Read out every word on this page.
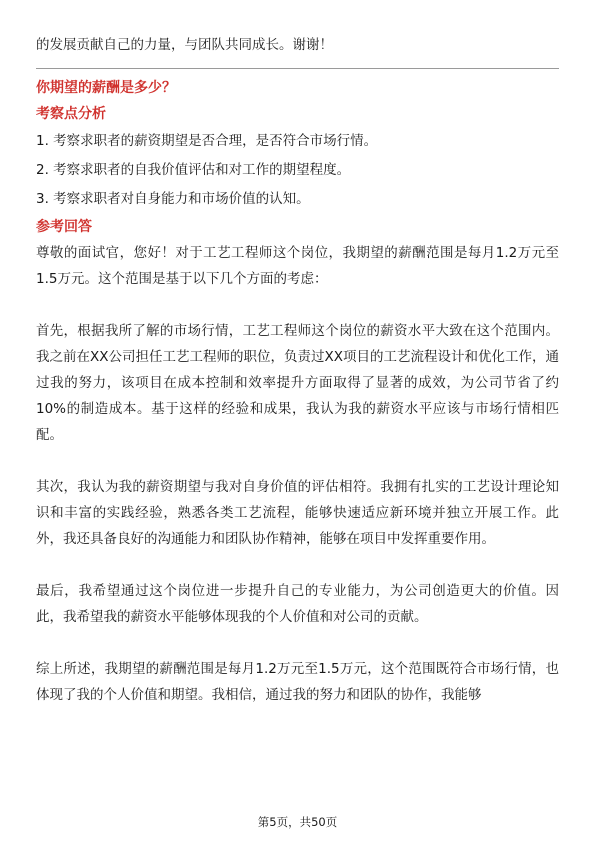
的发展贡献自己的力量，与团队共同成长。谢谢！

你期望的薪酬是多少？

考察点分析

1. 考察求职者的薪资期望是否合理，是否符合市场行情。
2. 考察求职者的自我价值评估和对工作的期望程度。
3. 考察求职者对自身能力和市场价值的认知。

参考回答

尊敬的面试官，您好！对于工艺工程师这个岗位，我期望的薪酬范围是每月1.2万元至1.5万元。这个范围是基于以下几个方面的考虑：

首先，根据我所了解的市场行情，工艺工程师这个岗位的薪资水平大致在这个范围内。我之前在XX公司担任工艺工程师的职位，负责过XX项目的工艺流程设计和优化工作，通过我的努力，该项目在成本控制和效率提升方面取得了显著的成效，为公司节省了约10%的制造成本。基于这样的经验和成果，我认为我的薪资水平应该与市场行情相匹配。

其次，我认为我的薪资期望与我对自身价值的评估相符。我拥有扎实的工艺设计理论知识和丰富的实践经验，熟悉各类工艺流程，能够快速适应新环境并独立开展工作。此外，我还具备良好的沟通能力和团队协作精神，能够在项目中发挥重要作用。

最后，我希望通过这个岗位进一步提升自己的专业能力，为公司创造更大的价值。因此，我希望我的薪资水平能够体现我的个人价值和对公司的贡献。

综上所述，我期望的薪酬范围是每月1.2万元至1.5万元，这个范围既符合市场行情，也体现了我的个人价值和期望。我相信，通过我的努力和团队的协作，我能够

第5页，共50页
